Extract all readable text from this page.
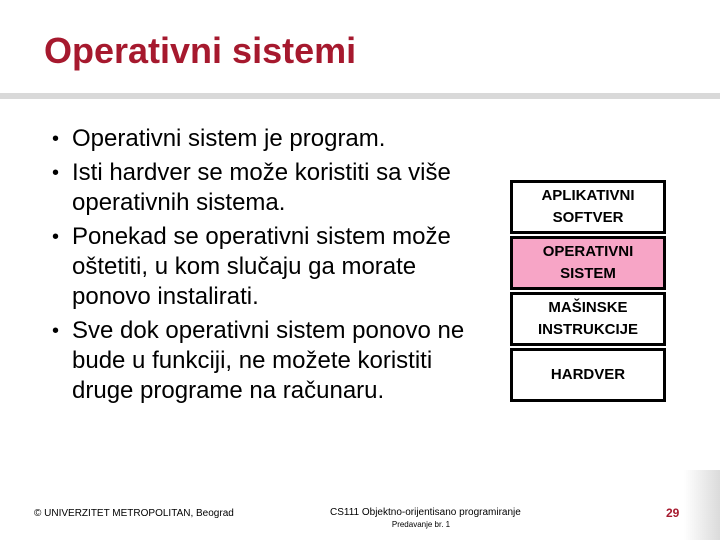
Operativni sistemi
• Operativni sistem je program.
• Isti hardver se može koristiti sa više operativnih sistema.
• Ponekad se operativni sistem može oštetiti, u kom slučaju ga morate ponovo instalirati.
• Sve dok operativni sistem ponovo ne bude u funkciji, ne možete koristiti druge programe na računaru.
APLIKATIVNI
SOFTVER
OPERATIVNI
SISTEM
MAŠINSKE
INSTRUKCIJE
HARDVER
© UNIVERZITET METROPOLITAN, Beograd	CS111 Objektno-orijentisano programiranje
Predavanje br. 1
29
